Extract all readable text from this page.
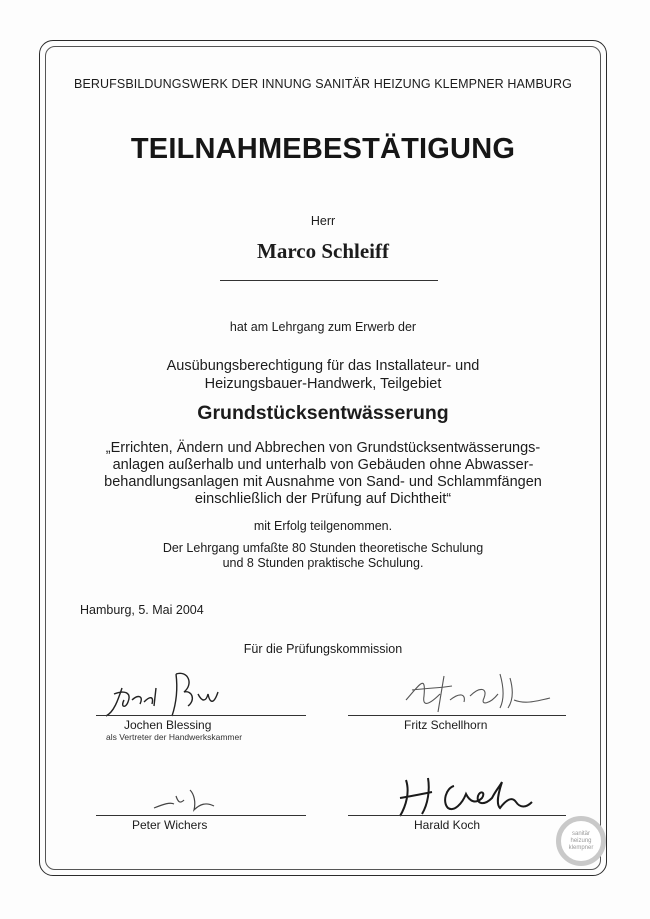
BERUFSBILDUNGSWERK DER INNUNG SANITÄR HEIZUNG KLEMPNER HAMBURG
TEILNAHMEBESTÄTIGUNG
Herr
Marco Schleiff
hat am Lehrgang zum Erwerb der
Ausübungsberechtigung für das Installateur- und
Heizungsbauer-Handwerk, Teilgebiet
Grundstücksentwässerung
„Errichten, Ändern und Abbrechen von Grundstücksentwässerungs-
anlagen außerhalb und unterhalb von Gebäuden ohne Abwasser-
behandlungsanlagen mit Ausnahme von Sand- und Schlammfängen
einschließlich der Prüfung auf Dichtheit“
mit Erfolg teilgenommen.
Der Lehrgang umfaßte 80 Stunden theoretische Schulung
und 8 Stunden praktische Schulung.
Hamburg, 5. Mai 2004
Für die Prüfungskommission
Jochen Blessing
als Vertreter der Handwerkskammer
Fritz Schellhorn
Peter Wichers	Harald Koch
sanitär
heizung
klempner
